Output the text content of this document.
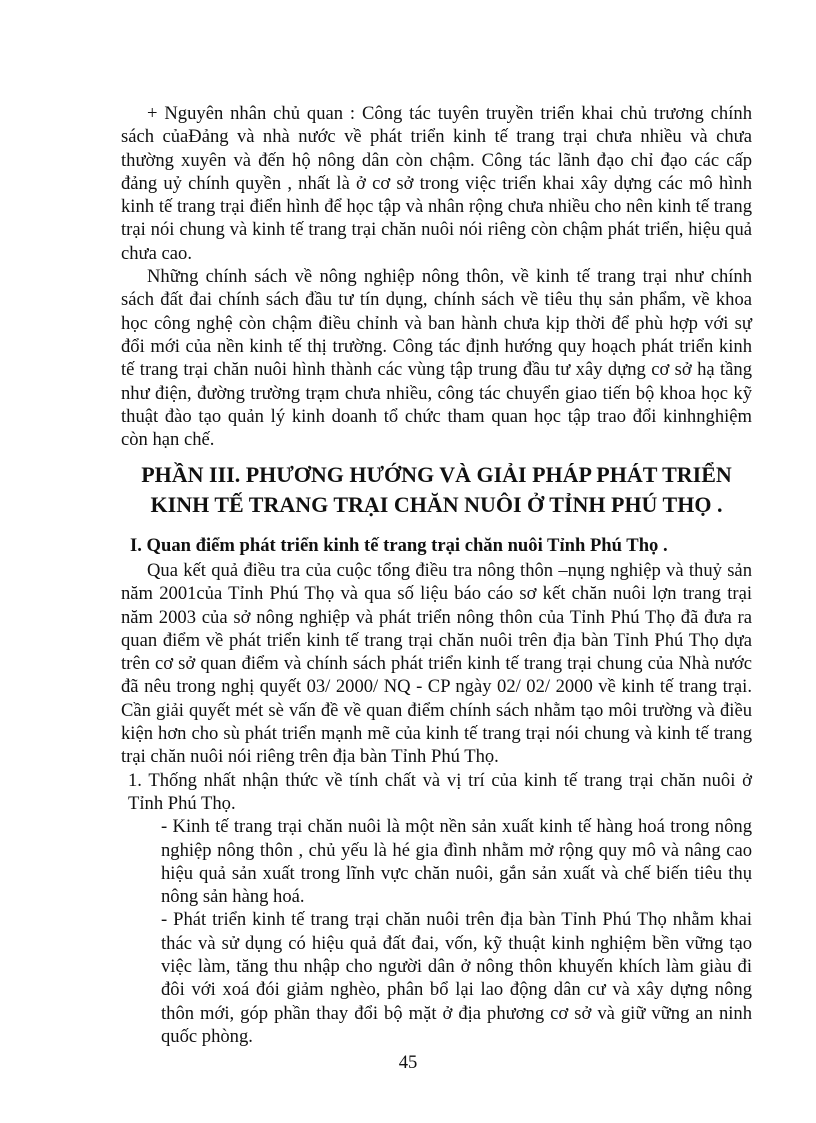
+ Nguyên nhân chủ quan : Công tác tuyên truyền triển khai chủ trương chính sách củaĐảng và nhà nước về phát triển kinh tế trang trại chưa nhiều và chưa thường xuyên và đến hộ nông dân còn chậm. Công tác lãnh đạo chỉ đạo các cấp đảng uỷ chính quyền , nhất là ở cơ sở trong việc triển khai xây dựng các mô hình kinh tế trang trại điển hình để học tập và nhân rộng chưa nhiều cho nên kinh tế trang trại nói chung và kinh tế trang trại chăn nuôi nói riêng còn chậm phát triển, hiệu quả chưa cao.

Những chính sách về nông nghiệp nông thôn, về kinh tế trang trại như chính sách đất đai chính sách đầu tư tín dụng, chính sách về tiêu thụ sản phẩm, về khoa học công nghệ còn chậm điều chỉnh và ban hành chưa kịp thời để phù hợp với sự đổi mới của nền kinh tế thị trường. Công tác định hướng quy hoạch phát triển kinh tế trang trại chăn nuôi hình thành các vùng tập trung đầu tư xây dựng cơ sở hạ tầng như điện, đường trường trạm chưa nhiều, công tác chuyển giao tiến bộ khoa học kỹ thuật đào tạo quản lý kinh doanh tổ chức tham quan học tập trao đổi kinhnghiệm còn hạn chế.

PHẦN III. PHƯƠNG HƯỚNG VÀ GIẢI PHÁP PHÁT TRIỂN
KINH TẾ TRANG TRẠI CHĂN NUÔI Ở TỈNH PHÚ THỌ .
I. Quan điểm phát triển kinh tế trang trại chăn nuôi Tỉnh Phú Thọ .

Qua kết quả điều tra của cuộc tổng điều tra nông thôn –nụng nghiệp và thuỷ sản năm 2001của Tỉnh Phú Thọ và qua số liệu báo cáo sơ kết chăn nuôi lợn trang trại năm 2003 của sở nông nghiệp và phát triển nông thôn của Tỉnh Phú Thọ đã đưa ra quan điểm về phát triển kinh tế trang trại chăn nuôi trên địa bàn Tỉnh Phú Thọ dựa trên cơ sở quan điểm và chính sách phát triển kinh tế trang trại chung của Nhà nước đã nêu trong nghị quyết 03/ 2000/ NQ - CP ngày 02/ 02/ 2000 về kinh tế trang trại. Cần giải quyết mét sè vấn đề về quan điểm chính sách nhằm tạo môi trường và điều kiện hơn cho sù phát triển mạnh mẽ của kinh tế trang trại nói chung và kinh tế trang trại chăn nuôi nói riêng trên địa bàn Tỉnh Phú Thọ.

1. Thống nhất nhận thức về tính chất và vị trí của kinh tế trang trại chăn nuôi ở Tỉnh Phú Thọ.

- Kinh tế trang trại chăn nuôi là một nền sản xuất kinh tế hàng hoá trong nông nghiệp nông thôn , chủ yếu là hé gia đình nhằm mở rộng quy mô và nâng cao hiệu quả sản xuất trong lĩnh vực chăn nuôi, gắn sản xuất và chế biến tiêu thụ nông sản hàng hoá.

- Phát triển kinh tế trang trại chăn nuôi trên địa bàn Tỉnh Phú Thọ nhằm khai thác và sử dụng có hiệu quả đất đai, vốn, kỹ thuật kinh nghiệm bền vững tạo việc làm, tăng thu nhập cho người dân ở nông thôn khuyến khích làm giàu đi đôi với xoá đói giảm nghèo, phân bổ lại lao động dân cư và xây dựng nông thôn mới, góp phần thay đổi bộ mặt ở địa phương cơ sở và giữ vững an ninh quốc phòng.

45
